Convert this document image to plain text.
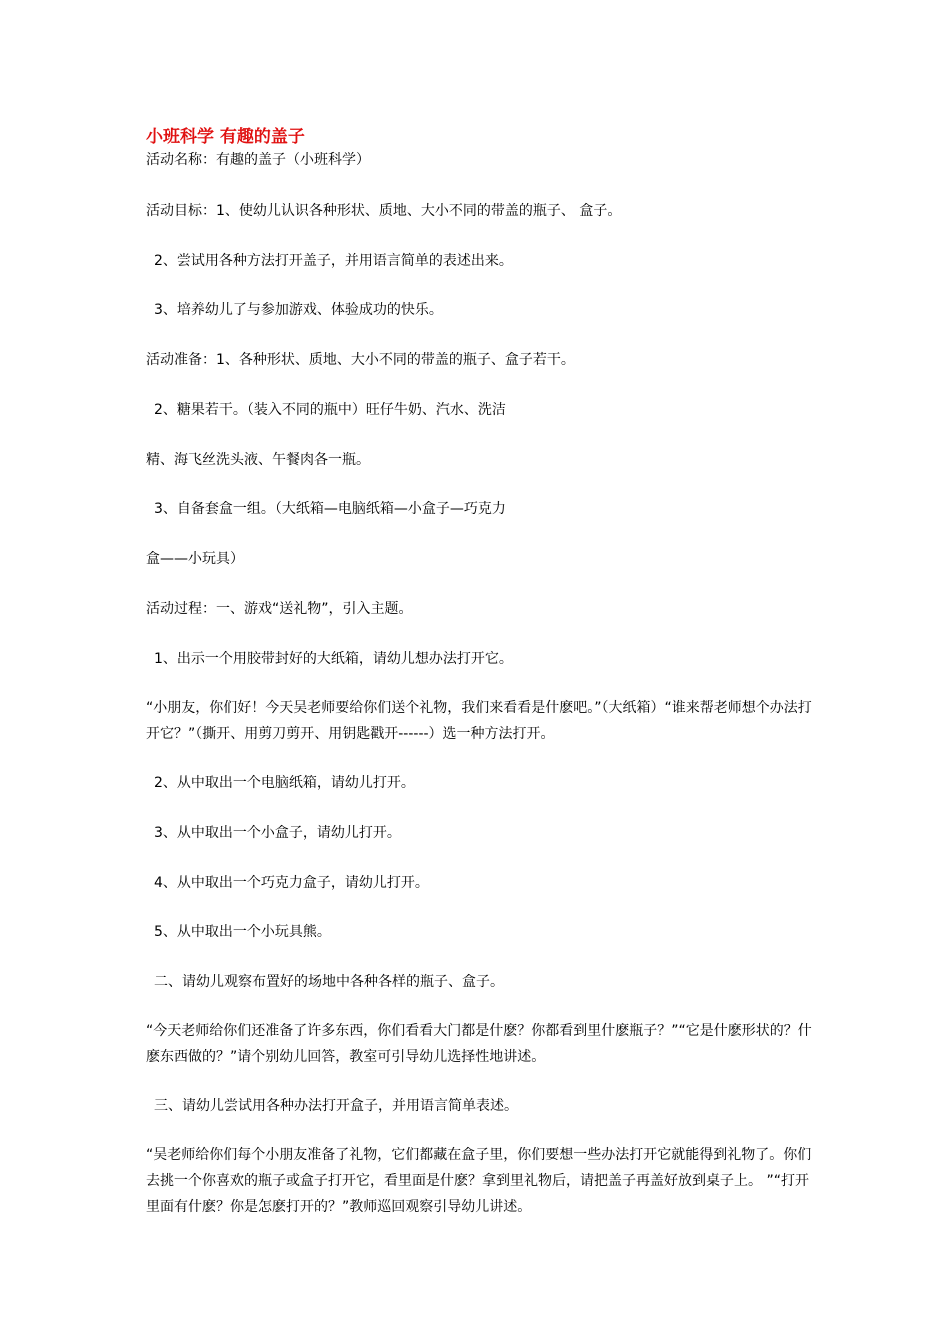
小班科学 有趣的盖子
活动名称：有趣的盖子（小班科学）
活动目标：1、使幼儿认识各种形状、质地、大小不同的带盖的瓶子、 盒子。
2、尝试用各种方法打开盖子，并用语言简单的表述出来。
3、培养幼儿了与参加游戏、体验成功的快乐。
活动准备：1、各种形状、质地、大小不同的带盖的瓶子、盒子若干。
2、糖果若干。（装入不同的瓶中）旺仔牛奶、汽水、洗洁
精、海飞丝洗头液、午餐肉各一瓶。
3、自备套盒一组。（大纸箱—电脑纸箱—小盒子—巧克力
盒——小玩具）
活动过程：一、游戏“送礼物”，引入主题。
1、出示一个用胶带封好的大纸箱，请幼儿想办法打开它。
“小朋友，你们好！今天吴老师要给你们送个礼物，我们来看看是什麽吧。”（大纸箱）“谁来帮老师想个办法打开它？”（撕开、用剪刀剪开、用钥匙戳开------）选一种方法打开。
2、从中取出一个电脑纸箱，请幼儿打开。
3、从中取出一个小盒子，请幼儿打开。
4、从中取出一个巧克力盒子，请幼儿打开。
5、从中取出一个小玩具熊。
二、请幼儿观察布置好的场地中各种各样的瓶子、盒子。
“今天老师给你们还准备了许多东西，你们看看大门都是什麽？你都看到里什麽瓶子？”“它是什麽形状的？什麽东西做的？”请个别幼儿回答，教室可引导幼儿选择性地讲述。
三、请幼儿尝试用各种办法打开盒子，并用语言简单表述。
“吴老师给你们每个小朋友准备了礼物，它们都藏在盒子里，你们要想一些办法打开它就能得到礼物了。你们去挑一个你喜欢的瓶子或盒子打开它，看里面是什麽？拿到里礼物后，请把盖子再盖好放到桌子上。 ”“打开里面有什麽？你是怎麽打开的？”教师巡回观察引导幼儿讲述。
